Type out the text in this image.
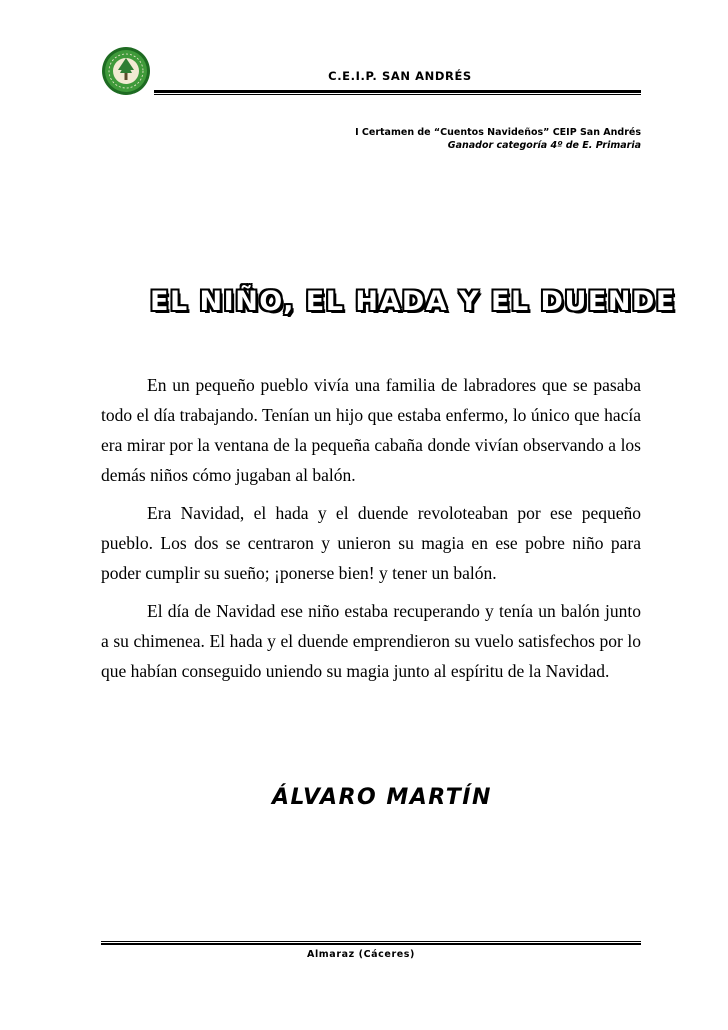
C.E.I.P. SAN ANDRÉS
I Certamen de “Cuentos Navideños” CEIP San Andrés
Ganador categoría 4º de E. Primaria
EL NIÑO, EL HADA Y EL DUENDE

En un pequeño pueblo vivía una familia de labradores que se pasaba todo el día trabajando. Tenían un hijo que estaba enfermo, lo único que hacía era mirar por la ventana de la pequeña cabaña donde vivían observando a los demás niños cómo jugaban al balón.

Era Navidad, el hada y el duende revoloteaban por ese pequeño pueblo. Los dos se centraron y unieron su magia en ese pobre niño para poder cumplir su sueño; ¡ponerse bien! y tener un balón.

El día de Navidad ese niño estaba recuperando y tenía un balón junto a su chimenea. El hada y el duende emprendieron su vuelo satisfechos por lo que habían conseguido uniendo su magia junto al espíritu de la Navidad.

ÁLVARO MARTÍN
Almaraz (Cáceres)
